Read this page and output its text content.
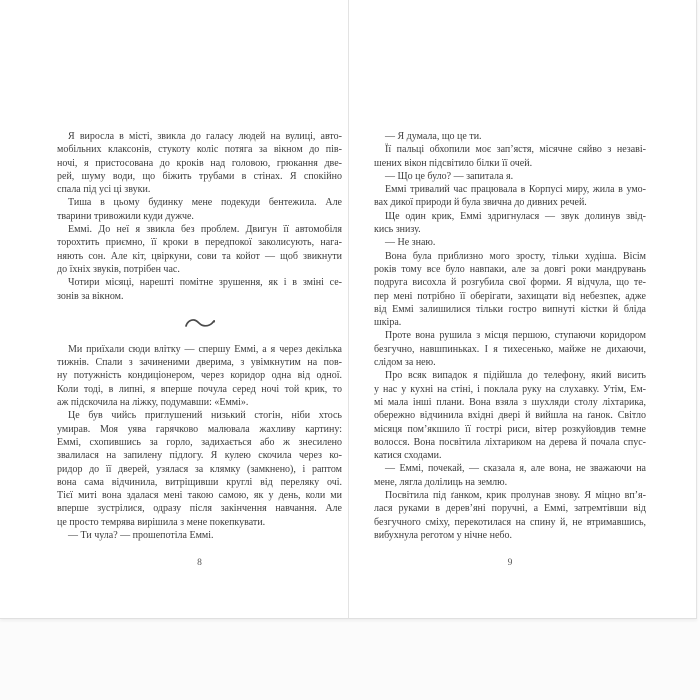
Я виросла в місті, звикла до галасу людей на вулиці, авто-
мобільних клаксонів, стукоту коліс потяга за вікном до пів-
ночі, я пристосована до кроків над головою, грюкання две-
рей, шуму води, що біжить трубами в стінах. Я спокійно
спала під усі ці звуки.
Тиша в цьому будинку мене подекуди бентежила. Але
тварини тривожили куди дужче.
Еммі. До неї я звикла без проблем. Двигун її автомобіля
торохтить приємно, її кроки в передпокої заколисують, нага-
няють сон. Але кіт, цвіркуни, сови та койот — щоб звикнути
до їхніх звуків, потрібен час.
Чотири місяці, нарешті помітне зрушення, як і в зміні се-
зонів за вікном.
Ми приїхали сюди влітку — спершу Еммі, а я через декілька
тижнів. Спали з зачиненими дверима, з увімкнутим на пов-
ну потужність кондиціонером, через коридор одна від одної.
Коли тоді, в липні, я вперше почула серед ночі той крик, то
аж підскочила на ліжку, подумавши: «Еммі».
Це був чийсь приглушений низький стогін, ніби хтось
умирав. Моя уява гарячково малювала жахливу картину:
Еммі, схопившись за горло, задихається або ж знесилено
звалилася на запилену підлогу. Я кулею скочила через ко-
ридор до її дверей, узялася за клямку (замкнено), і раптом
вона сама відчинила, витріщивши круглі від переляку очі.
Тієї миті вона здалася мені такою самою, як у день, коли ми
вперше зустрілися, одразу після закінчення навчання. Але
це просто темрява вирішила з мене покепкувати.
— Ти чула? — прошепотіла Еммі.
8
— Я думала, що це ти.
Її пальці обхопили моє зап’ястя, місячне сяйво з незаві-
шених вікон підсвітило білки її очей.
— Що це було? — запитала я.
Еммі тривалий час працювала в Корпусі миру, жила в умо-
вах дикої природи й була звична до дивних речей.
Ще один крик, Еммі здригнулася — звук долинув звід-
кись знизу.
— Не знаю.
Вона була приблизно мого зросту, тільки худіша. Вісім
років тому все було навпаки, але за довгі роки мандрувань
подруга висохла й розгубила свої форми. Я відчула, що те-
пер мені потрібно її оберігати, захищати від небезпек, адже
від Еммі залишилися тільки гостро випнуті кістки й бліда
шкіра.
Проте вона рушила з місця першою, ступаючи коридором
безгучно, навшпиньках. І я тихесенько, майже не дихаючи,
слідом за нею.
Про всяк випадок я підійшла до телефону, який висить
у нас у кухні на стіні, і поклала руку на слухавку. Утім, Ем-
мі мала інші плани. Вона взяла з шухляди столу ліхтарика,
обережно відчинила вхідні двері й вийшла на ґанок. Світло
місяця пом’якшило її гострі риси, вітер розкуйовдив темне
волосся. Вона посвітила ліхтариком на дерева й почала спус-
катися сходами.
— Еммі, почекай, — сказала я, але вона, не зважаючи на
мене, лягла долілиць на землю.
Посвітила під ґанком, крик пролунав знову. Я міцно вп’я-
лася руками в дерев’яні поручні, а Еммі, затремтівши від
безгучного сміху, перекотилася на спину й, не втримавшись,
вибухнула реготом у нічне небо.
9
